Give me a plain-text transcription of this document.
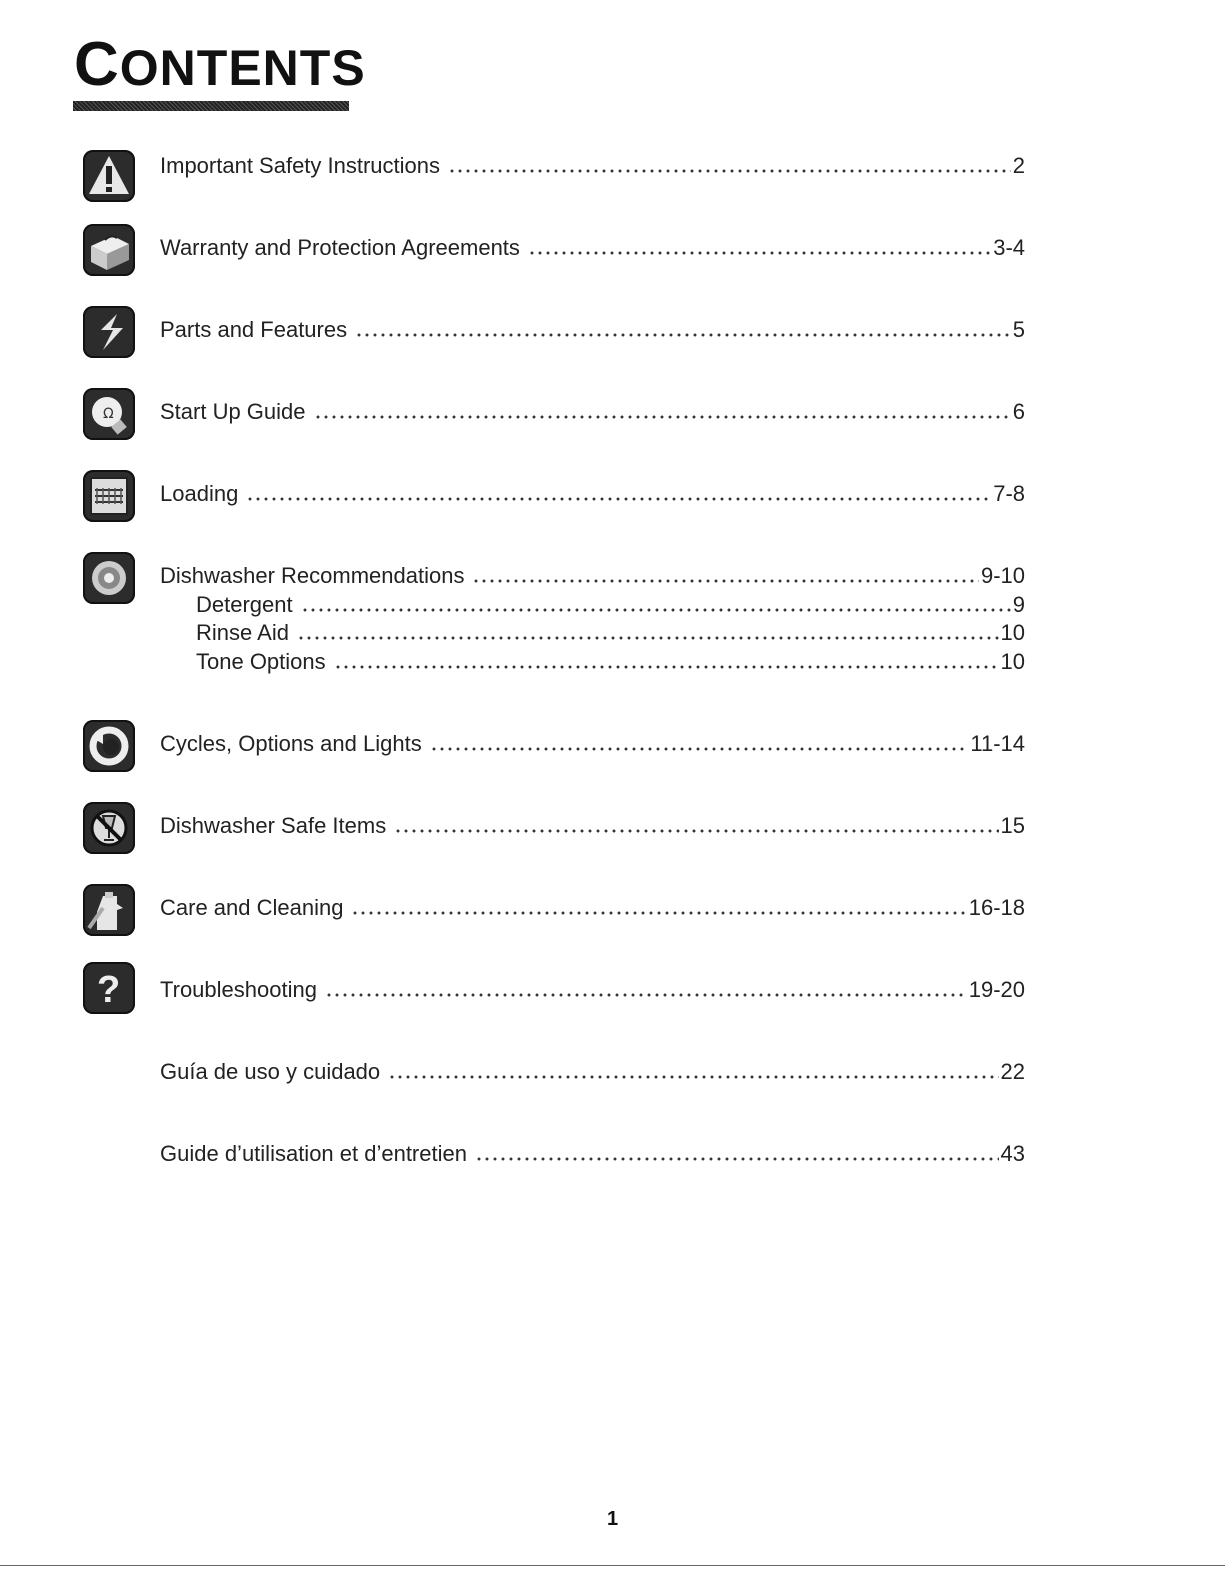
CONTENTS
Ω
?
Important Safety Instructions	2
Warranty and Protection Agreements	3-4
Parts and Features	5
Start Up Guide	6
Loading	7-8
Dishwasher Recommendations	9-10
Detergent	9
Rinse Aid	10
Tone Options	10
Cycles, Options and Lights	11-14
Dishwasher Safe Items	15
Care and Cleaning	16-18
Troubleshooting	19-20
Guía de uso y cuidado	22
Guide d’utilisation et d’entretien	43
1
